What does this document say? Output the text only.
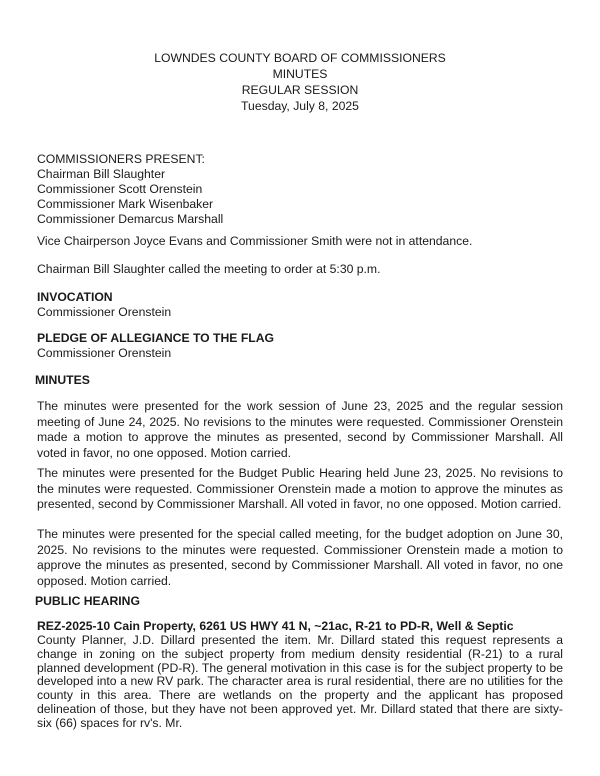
LOWNDES COUNTY BOARD OF COMMISSIONERS
MINUTES
REGULAR SESSION
Tuesday, July 8, 2025
COMMISSIONERS PRESENT:
Chairman Bill Slaughter
Commissioner Scott Orenstein
Commissioner Mark Wisenbaker
Commissioner Demarcus Marshall
Vice Chairperson Joyce Evans and Commissioner Smith were not in attendance.
Chairman Bill Slaughter called the meeting to order at 5:30 p.m.
INVOCATION
Commissioner Orenstein
PLEDGE OF ALLEGIANCE TO THE FLAG
Commissioner Orenstein
MINUTES
The minutes were presented for the work session of June 23, 2025 and the regular session meeting of June 24, 2025. No revisions to the minutes were requested. Commissioner Orenstein made a motion to approve the minutes as presented, second by Commissioner Marshall. All voted in favor, no one opposed. Motion carried.
The minutes were presented for the Budget Public Hearing held June 23, 2025. No revisions to the minutes were requested. Commissioner Orenstein made a motion to approve the minutes as presented, second by Commissioner Marshall. All voted in favor, no one opposed. Motion carried.
The minutes were presented for the special called meeting, for the budget adoption on June 30, 2025. No revisions to the minutes were requested. Commissioner Orenstein made a motion to approve the minutes as presented, second by Commissioner Marshall. All voted in favor, no one opposed. Motion carried.
PUBLIC HEARING
REZ-2025-10 Cain Property, 6261 US HWY 41 N, ~21ac, R-21 to PD-R, Well & Septic
County Planner, J.D. Dillard presented the item. Mr. Dillard stated this request represents a change in zoning on the subject property from medium density residential (R-21) to a rural planned development (PD-R). The general motivation in this case is for the subject property to be developed into a new RV park. The character area is rural residential, there are no utilities for the county in this area. There are wetlands on the property and the applicant has proposed delineation of those, but they have not been approved yet. Mr. Dillard stated that there are sixty-six (66) spaces for rv's. Mr.
